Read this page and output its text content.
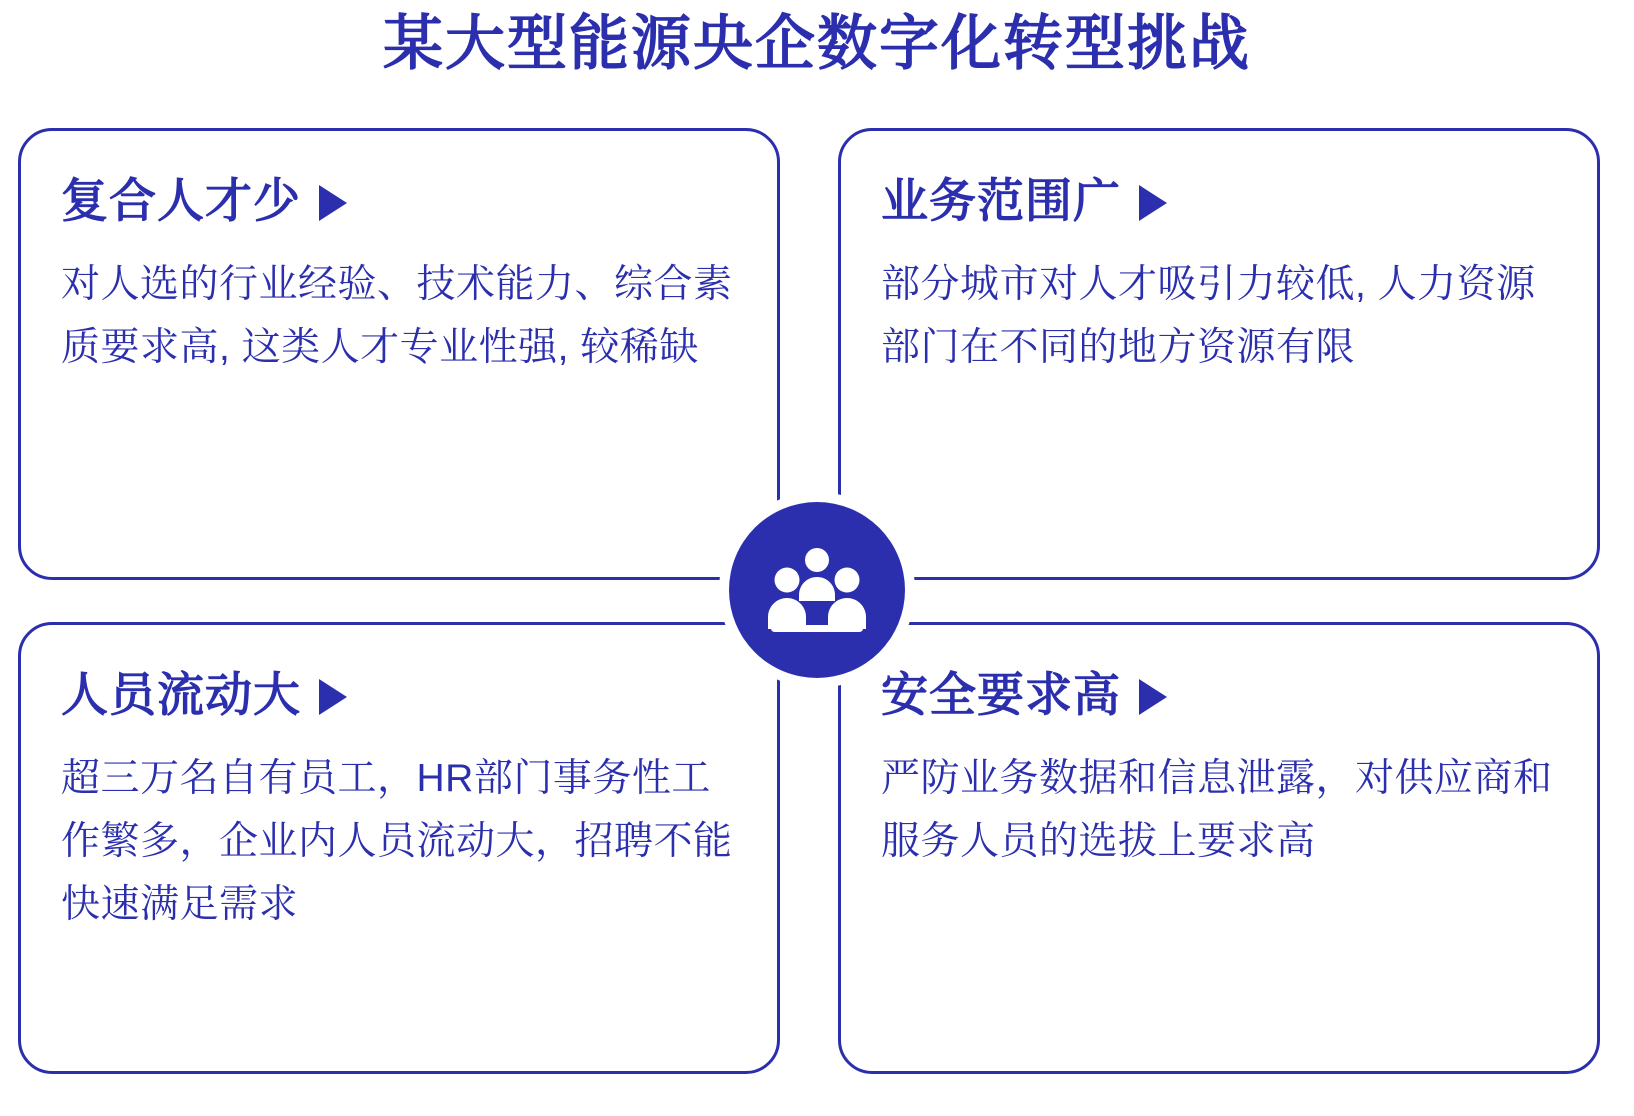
某大型能源央企数字化转型挑战
复合人才少
对人选的行业经验、技术能力、综合素质要求高, 这类人才专业性强, 较稀缺
业务范围广
部分城市对人才吸引力较低, 人力资源部门在不同的地方资源有限
人员流动大
超三万名自有员工，HR部门事务性工作繁多，企业内人员流动大，招聘不能快速满足需求
安全要求高
严防业务数据和信息泄露，对供应商和服务人员的选拔上要求高
